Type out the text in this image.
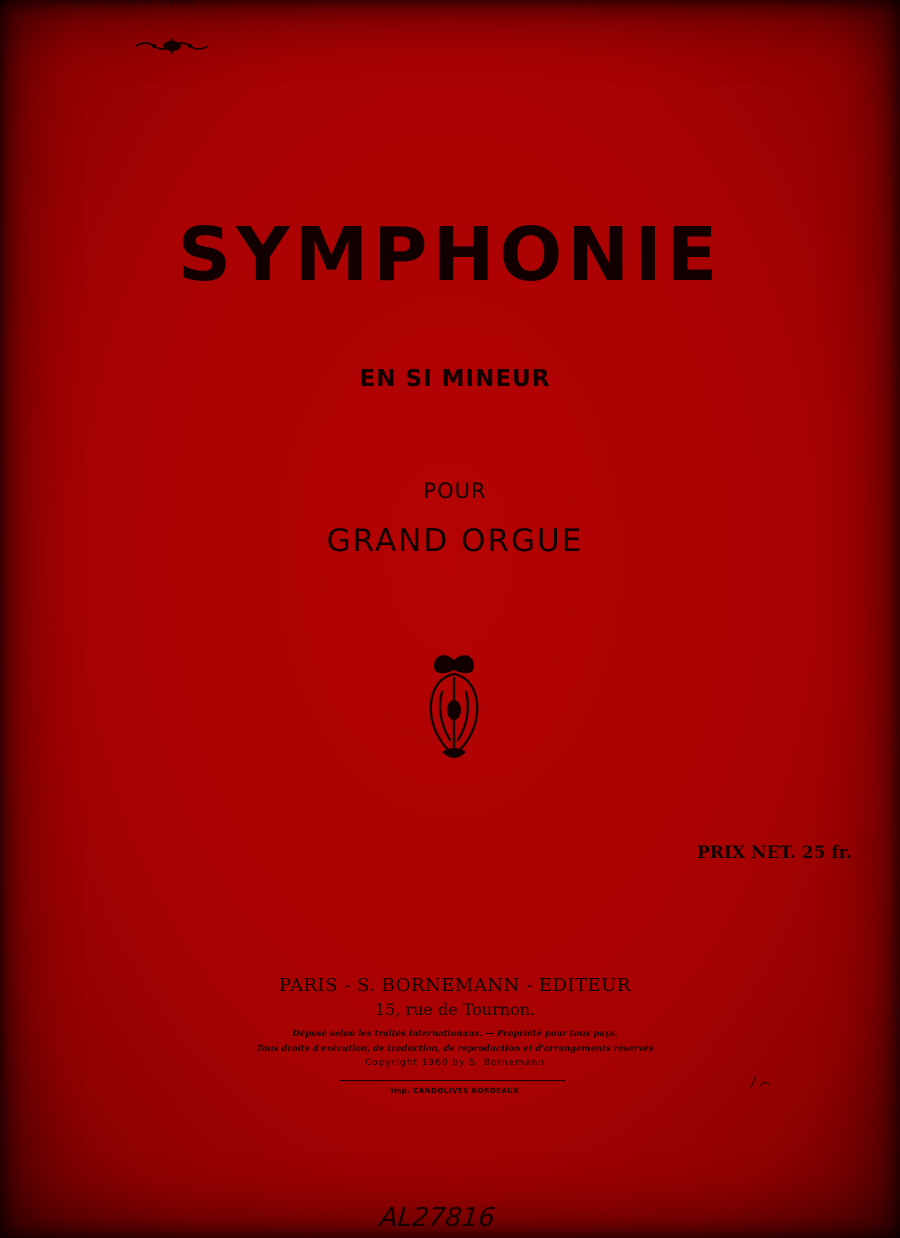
DE LA MUSIQUE DE L'ORGUE
SYMPHONIE
EN SI MINEUR
POUR
GRAND ORGUE
PRIX NET. 25 fr.
PARIS - S. BORNEMANN - EDITEUR
15, rue de Tournon.
Déposé selon les traités internationaux. — Propriété pour tous pays.
Tous droits d'exécution, de traduction, de reproduction et d'arrangements réservés
Copyright 1960 by S. Bornemann
Imp. CANDOLIVES BORDEAUX
AL27816
